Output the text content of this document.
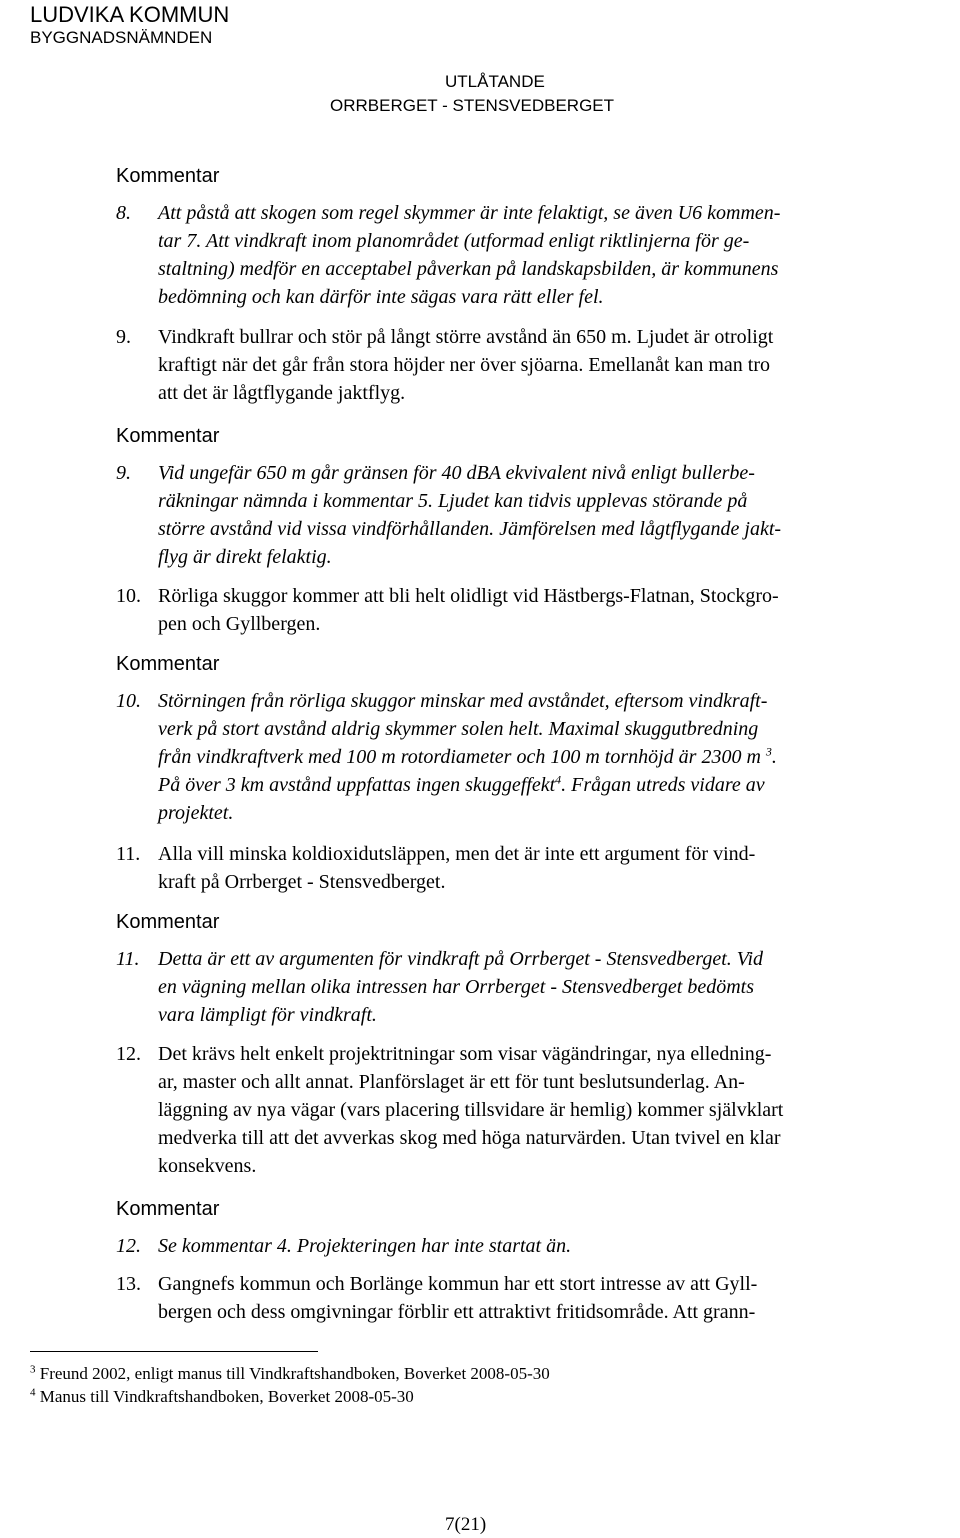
LUDVIKA KOMMUN
BYGGNADSNÄMNDEN
UTLÅTANDE
ORRBERGET - STENSVEDBERGET
Kommentar
8. Att påstå att skogen som regel skymmer är inte felaktigt, se även U6 kommen-
tar 7. Att vindkraft inom planområdet (utformad enligt riktlinjerna för ge-
staltning) medför en acceptabel påverkan på landskapsbilden, är kommunens
bedömning och kan därför inte sägas vara rätt eller fel.
9. Vindkraft bullrar och stör på långt större avstånd än 650 m. Ljudet är otroligt
kraftigt när det går från stora höjder ner över sjöarna. Emellanåt kan man tro
att det är lågtflygande jaktflyg.
Kommentar
9. Vid ungefär 650 m går gränsen för 40 dBA ekvivalent nivå enligt bullerbe-
räkningar nämnda i kommentar 5. Ljudet kan tidvis upplevas störande på
större avstånd vid vissa vindförhållanden. Jämförelsen med lågtflygande jakt-
flyg är direkt felaktig.
10. Rörliga skuggor kommer att bli helt olidligt vid Hästbergs-Flatnan, Stockgro-
pen och Gyllbergen.
Kommentar
10. Störningen från rörliga skuggor minskar med avståndet, eftersom vindkraft-
verk på stort avstånd aldrig skymmer solen helt. Maximal skuggutbredning
från vindkraftverk med 100 m rotordiameter och 100 m tornhöjd är 2300 m $^3$.
På över 3 km avstånd uppfattas ingen skuggeffekt$^4$. Frågan utreds vidare av
projektet.
11. Alla vill minska koldioxidutsläppen, men det är inte ett argument för vind-
kraft på Orrberget - Stensvedberget.
Kommentar
11. Detta är ett av argumenten för vindkraft på Orrberget - Stensvedberget. Vid
en vägning mellan olika intressen har Orrberget - Stensvedberget bedömts
vara lämpligt för vindkraft.
12. Det krävs helt enkelt projektritningar som visar vägändringar, nya elledning-
ar, master och allt annat. Planförslaget är ett för tunt beslutsunderlag. An-
läggning av nya vägar (vars placering tillsvidare är hemlig) kommer självklart
medverka till att det avverkas skog med höga naturvärden. Utan tvivel en klar
konsekvens.
Kommentar
12. Se kommentar 4. Projekteringen har inte startat än.
13. Gangnefs kommun och Borlänge kommun har ett stort intresse av att Gyll-
bergen och dess omgivningar förblir ett attraktivt fritidsområde. Att grann-
$^3$ Freund 2002, enligt manus till Vindkraftshandboken, Boverket 2008-05-30
$^4$ Manus till Vindkraftshandboken, Boverket 2008-05-30
7(21)
